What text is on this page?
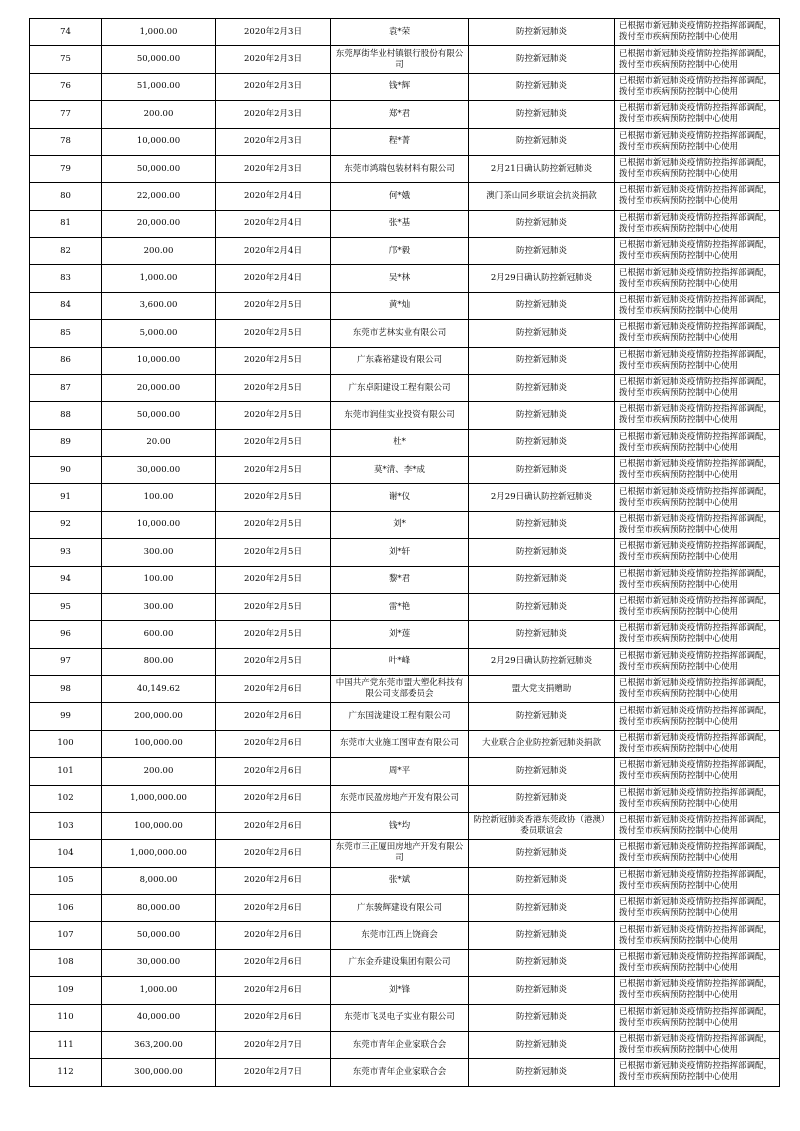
74	1,000.00	2020年2月3日	袁*荣	防控新冠肺炎	已根据市新冠肺炎疫情防控指挥部调配，拨付至市疾病预防控制中心使用
75	50,000.00	2020年2月3日	东莞厚街华业村镇银行股份有限公司	防控新冠肺炎	已根据市新冠肺炎疫情防控指挥部调配，拨付至市疾病预防控制中心使用
76	51,000.00	2020年2月3日	钱*辉	防控新冠肺炎	已根据市新冠肺炎疫情防控指挥部调配，拨付至市疾病预防控制中心使用
77	200.00	2020年2月3日	郑*君	防控新冠肺炎	已根据市新冠肺炎疫情防控指挥部调配，拨付至市疾病预防控制中心使用
78	10,000.00	2020年2月3日	程*菁	防控新冠肺炎	已根据市新冠肺炎疫情防控指挥部调配，拨付至市疾病预防控制中心使用
79	50,000.00	2020年2月3日	东莞市鸿瑞包装材料有限公司	2月21日确认防控新冠肺炎	已根据市新冠肺炎疫情防控指挥部调配，拨付至市疾病预防控制中心使用
80	22,000.00	2020年2月4日	何*娥	澳门茶山同乡联谊会抗炎捐款	已根据市新冠肺炎疫情防控指挥部调配，拨付至市疾病预防控制中心使用
81	20,000.00	2020年2月4日	张*基	防控新冠肺炎	已根据市新冠肺炎疫情防控指挥部调配，拨付至市疾病预防控制中心使用
82	200.00	2020年2月4日	邝*毅	防控新冠肺炎	已根据市新冠肺炎疫情防控指挥部调配，拨付至市疾病预防控制中心使用
83	1,000.00	2020年2月4日	吴*林	2月29日确认防控新冠肺炎	已根据市新冠肺炎疫情防控指挥部调配，拨付至市疾病预防控制中心使用
84	3,600.00	2020年2月5日	黄*灿	防控新冠肺炎	已根据市新冠肺炎疫情防控指挥部调配，拨付至市疾病预防控制中心使用
85	5,000.00	2020年2月5日	东莞市艺林实业有限公司	防控新冠肺炎	已根据市新冠肺炎疫情防控指挥部调配，拨付至市疾病预防控制中心使用
86	10,000.00	2020年2月5日	广东森裕建设有限公司	防控新冠肺炎	已根据市新冠肺炎疫情防控指挥部调配，拨付至市疾病预防控制中心使用
87	20,000.00	2020年2月5日	广东卓阳建设工程有限公司	防控新冠肺炎	已根据市新冠肺炎疫情防控指挥部调配，拨付至市疾病预防控制中心使用
88	50,000.00	2020年2月5日	东莞市润佳实业投资有限公司	防控新冠肺炎	已根据市新冠肺炎疫情防控指挥部调配，拨付至市疾病预防控制中心使用
89	20.00	2020年2月5日	杜*	防控新冠肺炎	已根据市新冠肺炎疫情防控指挥部调配，拨付至市疾病预防控制中心使用
90	30,000.00	2020年2月5日	莫*清、李*成	防控新冠肺炎	已根据市新冠肺炎疫情防控指挥部调配，拨付至市疾病预防控制中心使用
91	100.00	2020年2月5日	谢*仪	2月29日确认防控新冠肺炎	已根据市新冠肺炎疫情防控指挥部调配，拨付至市疾病预防控制中心使用
92	10,000.00	2020年2月5日	刘*	防控新冠肺炎	已根据市新冠肺炎疫情防控指挥部调配，拨付至市疾病预防控制中心使用
93	300.00	2020年2月5日	刘*轩	防控新冠肺炎	已根据市新冠肺炎疫情防控指挥部调配，拨付至市疾病预防控制中心使用
94	100.00	2020年2月5日	黎*君	防控新冠肺炎	已根据市新冠肺炎疫情防控指挥部调配，拨付至市疾病预防控制中心使用
95	300.00	2020年2月5日	雷*艳	防控新冠肺炎	已根据市新冠肺炎疫情防控指挥部调配，拨付至市疾病预防控制中心使用
96	600.00	2020年2月5日	刘*莲	防控新冠肺炎	已根据市新冠肺炎疫情防控指挥部调配，拨付至市疾病预防控制中心使用
97	800.00	2020年2月5日	叶*峰	2月29日确认防控新冠肺炎	已根据市新冠肺炎疫情防控指挥部调配，拨付至市疾病预防控制中心使用
98	40,149.62	2020年2月6日	中国共产党东莞市盟大塑化科技有限公司支部委员会	盟大党支捐赠助	已根据市新冠肺炎疫情防控指挥部调配，拨付至市疾病预防控制中心使用
99	200,000.00	2020年2月6日	广东国泷建设工程有限公司	防控新冠肺炎	已根据市新冠肺炎疫情防控指挥部调配，拨付至市疾病预防控制中心使用
100	100,000.00	2020年2月6日	东莞市大业施工图审查有限公司	大业联合企业防控新冠肺炎捐款	已根据市新冠肺炎疫情防控指挥部调配，拨付至市疾病预防控制中心使用
101	200.00	2020年2月6日	周*平	防控新冠肺炎	已根据市新冠肺炎疫情防控指挥部调配，拨付至市疾病预防控制中心使用
102	1,000,000.00	2020年2月6日	东莞市民盈房地产开发有限公司	防控新冠肺炎	已根据市新冠肺炎疫情防控指挥部调配，拨付至市疾病预防控制中心使用
103	100,000.00	2020年2月6日	钱*均	防控新冠肺炎香港东莞政协（港澳）委员联谊会	已根据市新冠肺炎疫情防控指挥部调配，拨付至市疾病预防控制中心使用
104	1,000,000.00	2020年2月6日	东莞市三正厦田房地产开发有限公司	防控新冠肺炎	已根据市新冠肺炎疫情防控指挥部调配，拨付至市疾病预防控制中心使用
105	8,000.00	2020年2月6日	张*斌	防控新冠肺炎	已根据市新冠肺炎疫情防控指挥部调配，拨付至市疾病预防控制中心使用
106	80,000.00	2020年2月6日	广东骏辉建设有限公司	防控新冠肺炎	已根据市新冠肺炎疫情防控指挥部调配，拨付至市疾病预防控制中心使用
107	50,000.00	2020年2月6日	东莞市江西上饶商会	防控新冠肺炎	已根据市新冠肺炎疫情防控指挥部调配，拨付至市疾病预防控制中心使用
108	30,000.00	2020年2月6日	广东金乔建设集团有限公司	防控新冠肺炎	已根据市新冠肺炎疫情防控指挥部调配，拨付至市疾病预防控制中心使用
109	1,000.00	2020年2月6日	刘*锋	防控新冠肺炎	已根据市新冠肺炎疫情防控指挥部调配，拨付至市疾病预防控制中心使用
110	40,000.00	2020年2月6日	东莞市飞灵电子实业有限公司	防控新冠肺炎	已根据市新冠肺炎疫情防控指挥部调配，拨付至市疾病预防控制中心使用
111	363,200.00	2020年2月7日	东莞市青年企业家联合会	防控新冠肺炎	已根据市新冠肺炎疫情防控指挥部调配，拨付至市疾病预防控制中心使用
112	300,000.00	2020年2月7日	东莞市青年企业家联合会	防控新冠肺炎	已根据市新冠肺炎疫情防控指挥部调配，拨付至市疾病预防控制中心使用
